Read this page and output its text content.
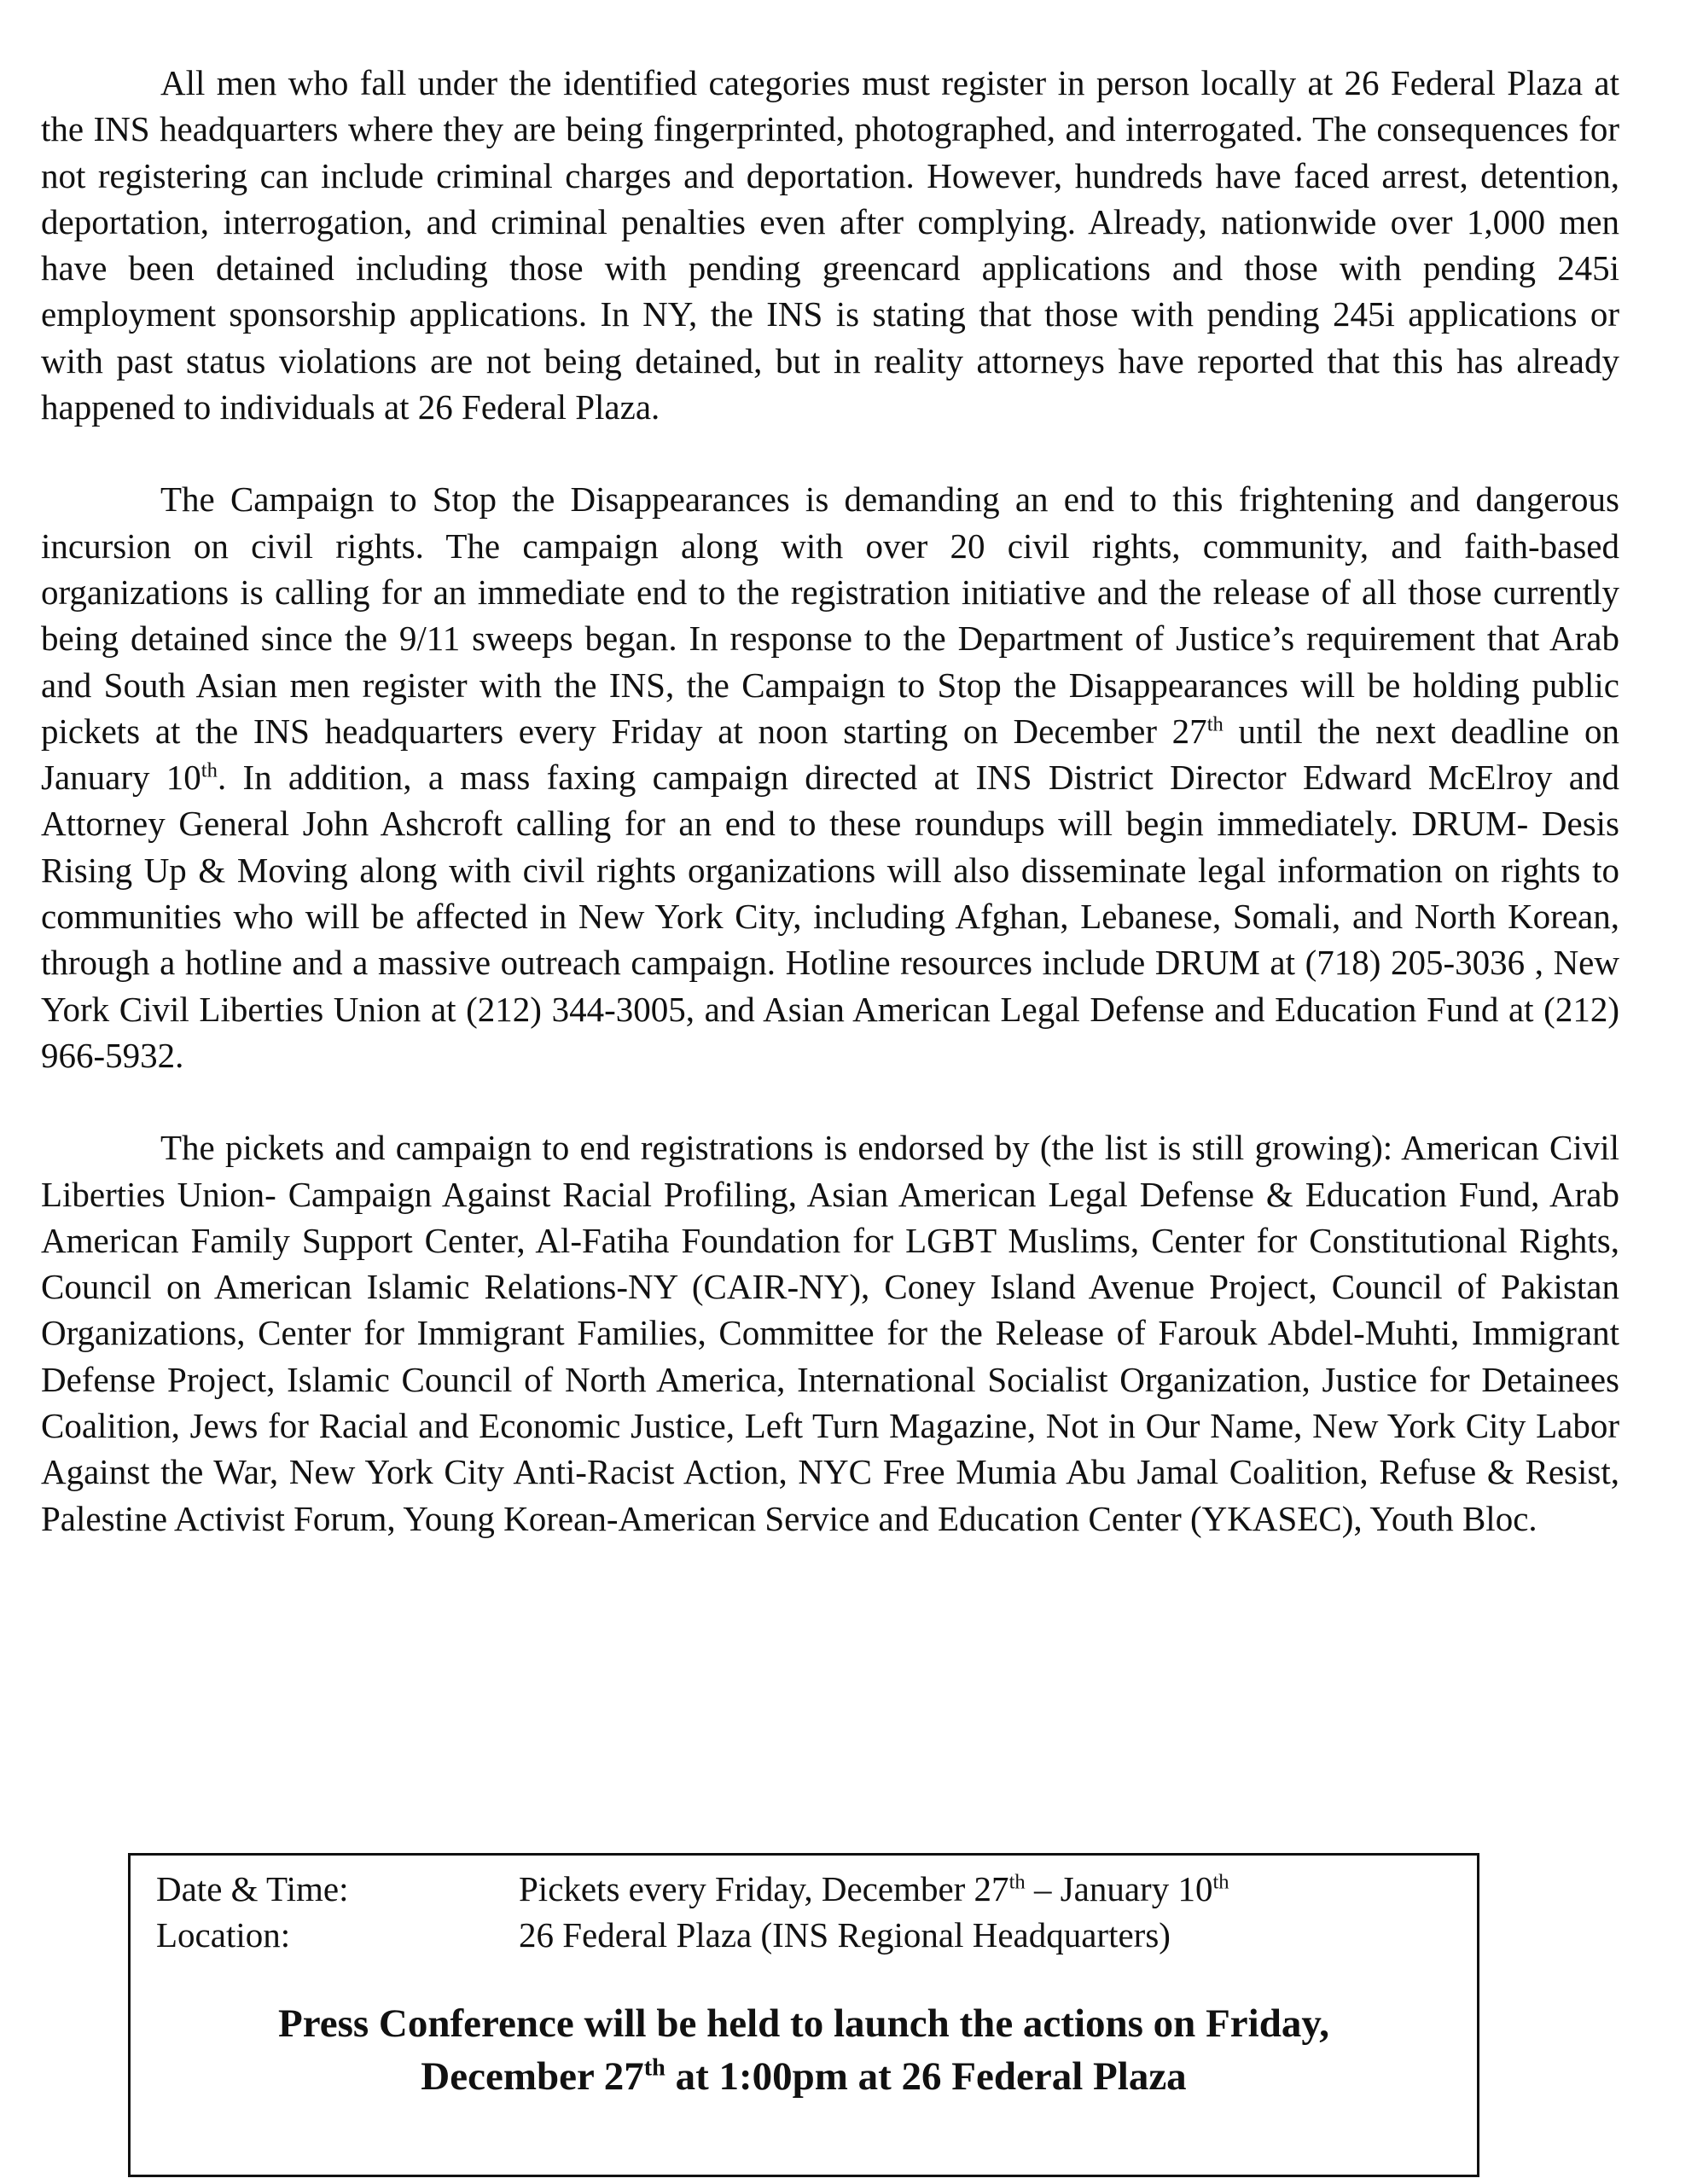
All men who fall under the identified categories must register in person locally at 26 Federal Plaza at the INS headquarters where they are being fingerprinted, photographed, and interrogated. The consequences for not registering can include criminal charges and deportation. However, hundreds have faced arrest, detention, deportation, interrogation, and criminal penalties even after complying. Already, nationwide over 1,000 men have been detained including those with pending greencard applications and those with pending 245i employment sponsorship applications. In NY, the INS is stating that those with pending 245i applications or with past status violations are not being detained, but in reality attorneys have reported that this has already happened to individuals at 26 Federal Plaza.

The Campaign to Stop the Disappearances is demanding an end to this frightening and dangerous incursion on civil rights. The campaign along with over 20 civil rights, community, and faith-based organizations is calling for an immediate end to the registration initiative and the release of all those currently being detained since the 9/11 sweeps began. In response to the Department of Justice’s requirement that Arab and South Asian men register with the INS, the Campaign to Stop the Disappearances will be holding public pickets at the INS headquarters every Friday at noon starting on December 27th until the next deadline on January 10th. In addition, a mass faxing campaign directed at INS District Director Edward McElroy and Attorney General John Ashcroft calling for an end to these roundups will begin immediately. DRUM- Desis Rising Up & Moving along with civil rights organizations will also disseminate legal information on rights to communities who will be affected in New York City, including Afghan, Lebanese, Somali, and North Korean, through a hotline and a massive outreach campaign. Hotline resources include DRUM at (718) 205-3036 , New York Civil Liberties Union at (212) 344-3005, and Asian American Legal Defense and Education Fund at (212) 966-5932.

The pickets and campaign to end registrations is endorsed by (the list is still growing): American Civil Liberties Union- Campaign Against Racial Profiling, Asian American Legal Defense & Education Fund, Arab American Family Support Center, Al-Fatiha Foundation for LGBT Muslims, Center for Constitutional Rights, Council on American Islamic Relations-NY (CAIR-NY), Coney Island Avenue Project, Council of Pakistan Organizations, Center for Immigrant Families, Committee for the Release of Farouk Abdel-Muhti, Immigrant Defense Project, Islamic Council of North America, International Socialist Organization, Justice for Detainees Coalition, Jews for Racial and Economic Justice, Left Turn Magazine, Not in Our Name, New York City Labor Against the War, New York City Anti-Racist Action, NYC Free Mumia Abu Jamal Coalition, Refuse & Resist, Palestine Activist Forum, Young Korean-American Service and Education Center (YKASEC), Youth Bloc.

Date & Time:	Pickets every Friday, December 27th – January 10th
Location:	26 Federal Plaza (INS Regional Headquarters)
Press Conference will be held to launch the actions on Friday,
December 27th at 1:00pm at 26 Federal Plaza
